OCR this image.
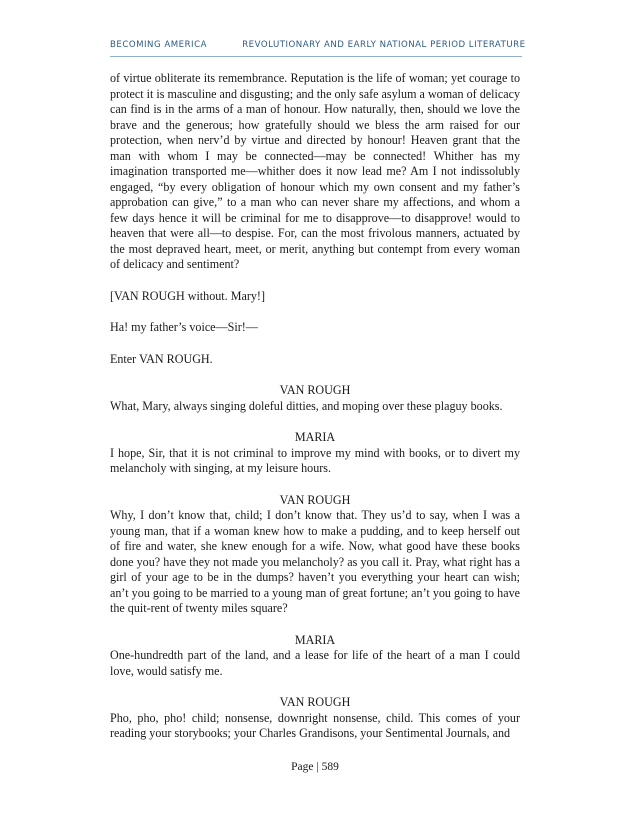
BECOMING AMERICA	REVOLUTIONARY AND EARLY NATIONAL PERIOD LITERATURE

of virtue obliterate its remembrance. Reputation is the life of woman; yet courage to protect it is masculine and disgusting; and the only safe asylum a woman of delicacy can find is in the arms of a man of honour. How naturally, then, should we love the brave and the generous; how gratefully should we bless the arm raised for our protection, when nerv’d by virtue and directed by honour! Heaven grant that the man with whom I may be connected—may be connected! Whither has my imagination transported me—whither does it now lead me? Am I not indissolubly engaged, “by every obligation of honour which my own consent and my father’s approbation can give,” to a man who can never share my affections, and whom a few days hence it will be criminal for me to disapprove—to disapprove! would to heaven that were all—to despise. For, can the most frivolous manners, actuated by the most depraved heart, meet, or merit, anything but contempt from every woman of delicacy and sentiment?

[VAN ROUGH without. Mary!]

Ha! my father’s voice—Sir!—

Enter VAN ROUGH.

VAN ROUGH

What, Mary, always singing doleful ditties, and moping over these plaguy books.

MARIA

I hope, Sir, that it is not criminal to improve my mind with books, or to divert my melancholy with singing, at my leisure hours.

VAN ROUGH

Why, I don’t know that, child; I don’t know that. They us’d to say, when I was a young man, that if a woman knew how to make a pudding, and to keep herself out of fire and water, she knew enough for a wife. Now, what good have these books done you? have they not made you melancholy? as you call it. Pray, what right has a girl of your age to be in the dumps? haven’t you everything your heart can wish; an’t you going to be married to a young man of great fortune; an’t you going to have the quit-rent of twenty miles square?

MARIA

One-hundredth part of the land, and a lease for life of the heart of a man I could love, would satisfy me.

VAN ROUGH

Pho, pho, pho! child; nonsense, downright nonsense, child. This comes of your reading your storybooks; your Charles Grandisons, your Sentimental Journals, and

Page | 589
